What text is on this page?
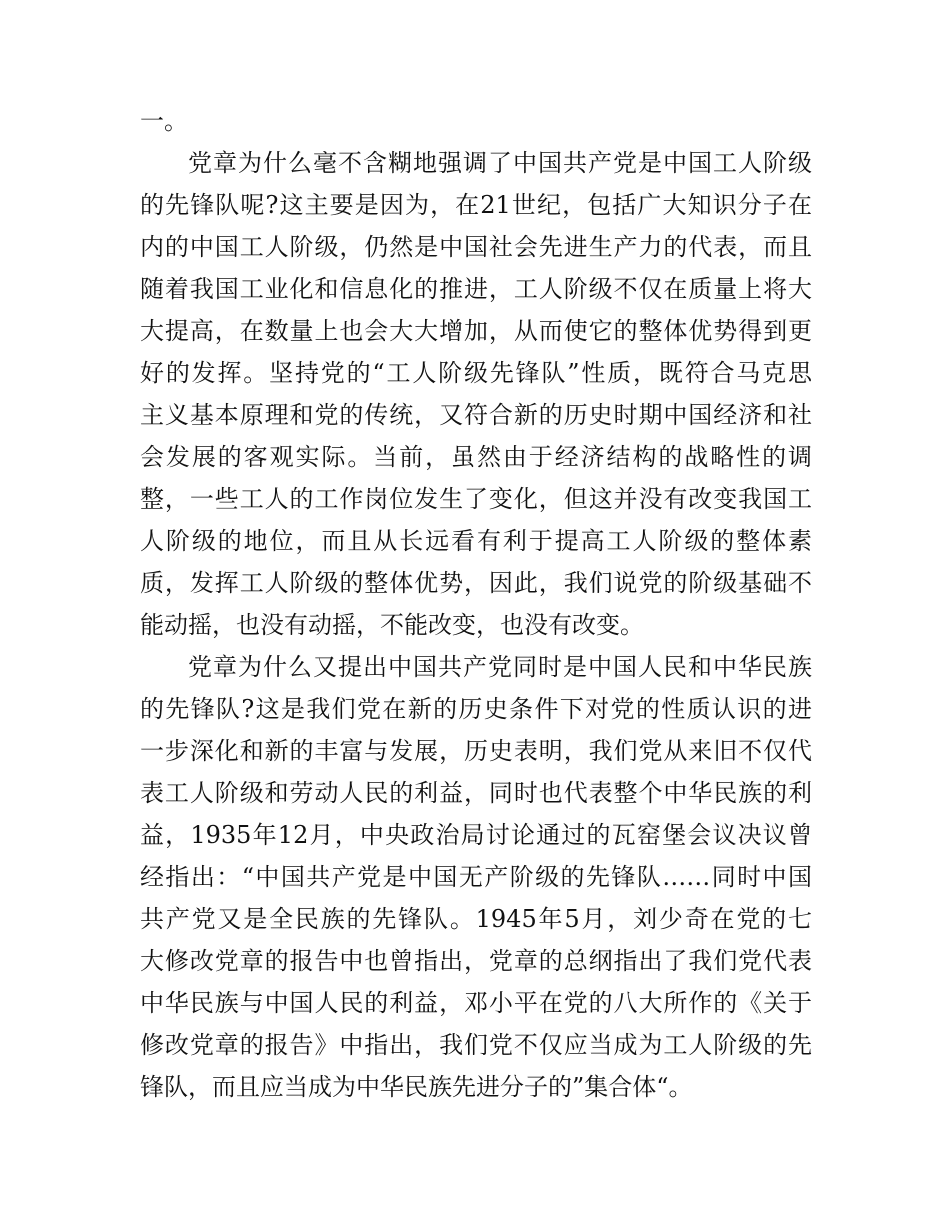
一。
党章为什么毫不含糊地强调了中国共产党是中国工人阶级
的先锋队呢?这主要是因为，在21世纪，包括广大知识分子在
内的中国工人阶级，仍然是中国社会先进生产力的代表，而且
随着我国工业化和信息化的推进，工人阶级不仅在质量上将大
大提高，在数量上也会大大增加，从而使它的整体优势得到更
好的发挥。坚持党的“工人阶级先锋队”性质，既符合马克思
主义基本原理和党的传统，又符合新的历史时期中国经济和社
会发展的客观实际。当前，虽然由于经济结构的战略性的调
整，一些工人的工作岗位发生了变化，但这并没有改变我国工
人阶级的地位，而且从长远看有利于提高工人阶级的整体素
质，发挥工人阶级的整体优势，因此，我们说党的阶级基础不
能动摇，也没有动摇，不能改变，也没有改变。
党章为什么又提出中国共产党同时是中国人民和中华民族
的先锋队?这是我们党在新的历史条件下对党的性质认识的进
一步深化和新的丰富与发展，历史表明，我们党从来旧不仅代
表工人阶级和劳动人民的利益，同时也代表整个中华民族的利
益，1935年12月，中央政治局讨论通过的瓦窑堡会议决议曾
经指出：“中国共产党是中国无产阶级的先锋队……同时中国
共产党又是全民族的先锋队。1945年5月，刘少奇在党的七
大修改党章的报告中也曾指出，党章的总纲指出了我们党代表
中华民族与中国人民的利益，邓小平在党的八大所作的《关于
修改党章的报告》中指出，我们党不仅应当成为工人阶级的先
锋队，而且应当成为中华民族先进分子的”集合体“。
